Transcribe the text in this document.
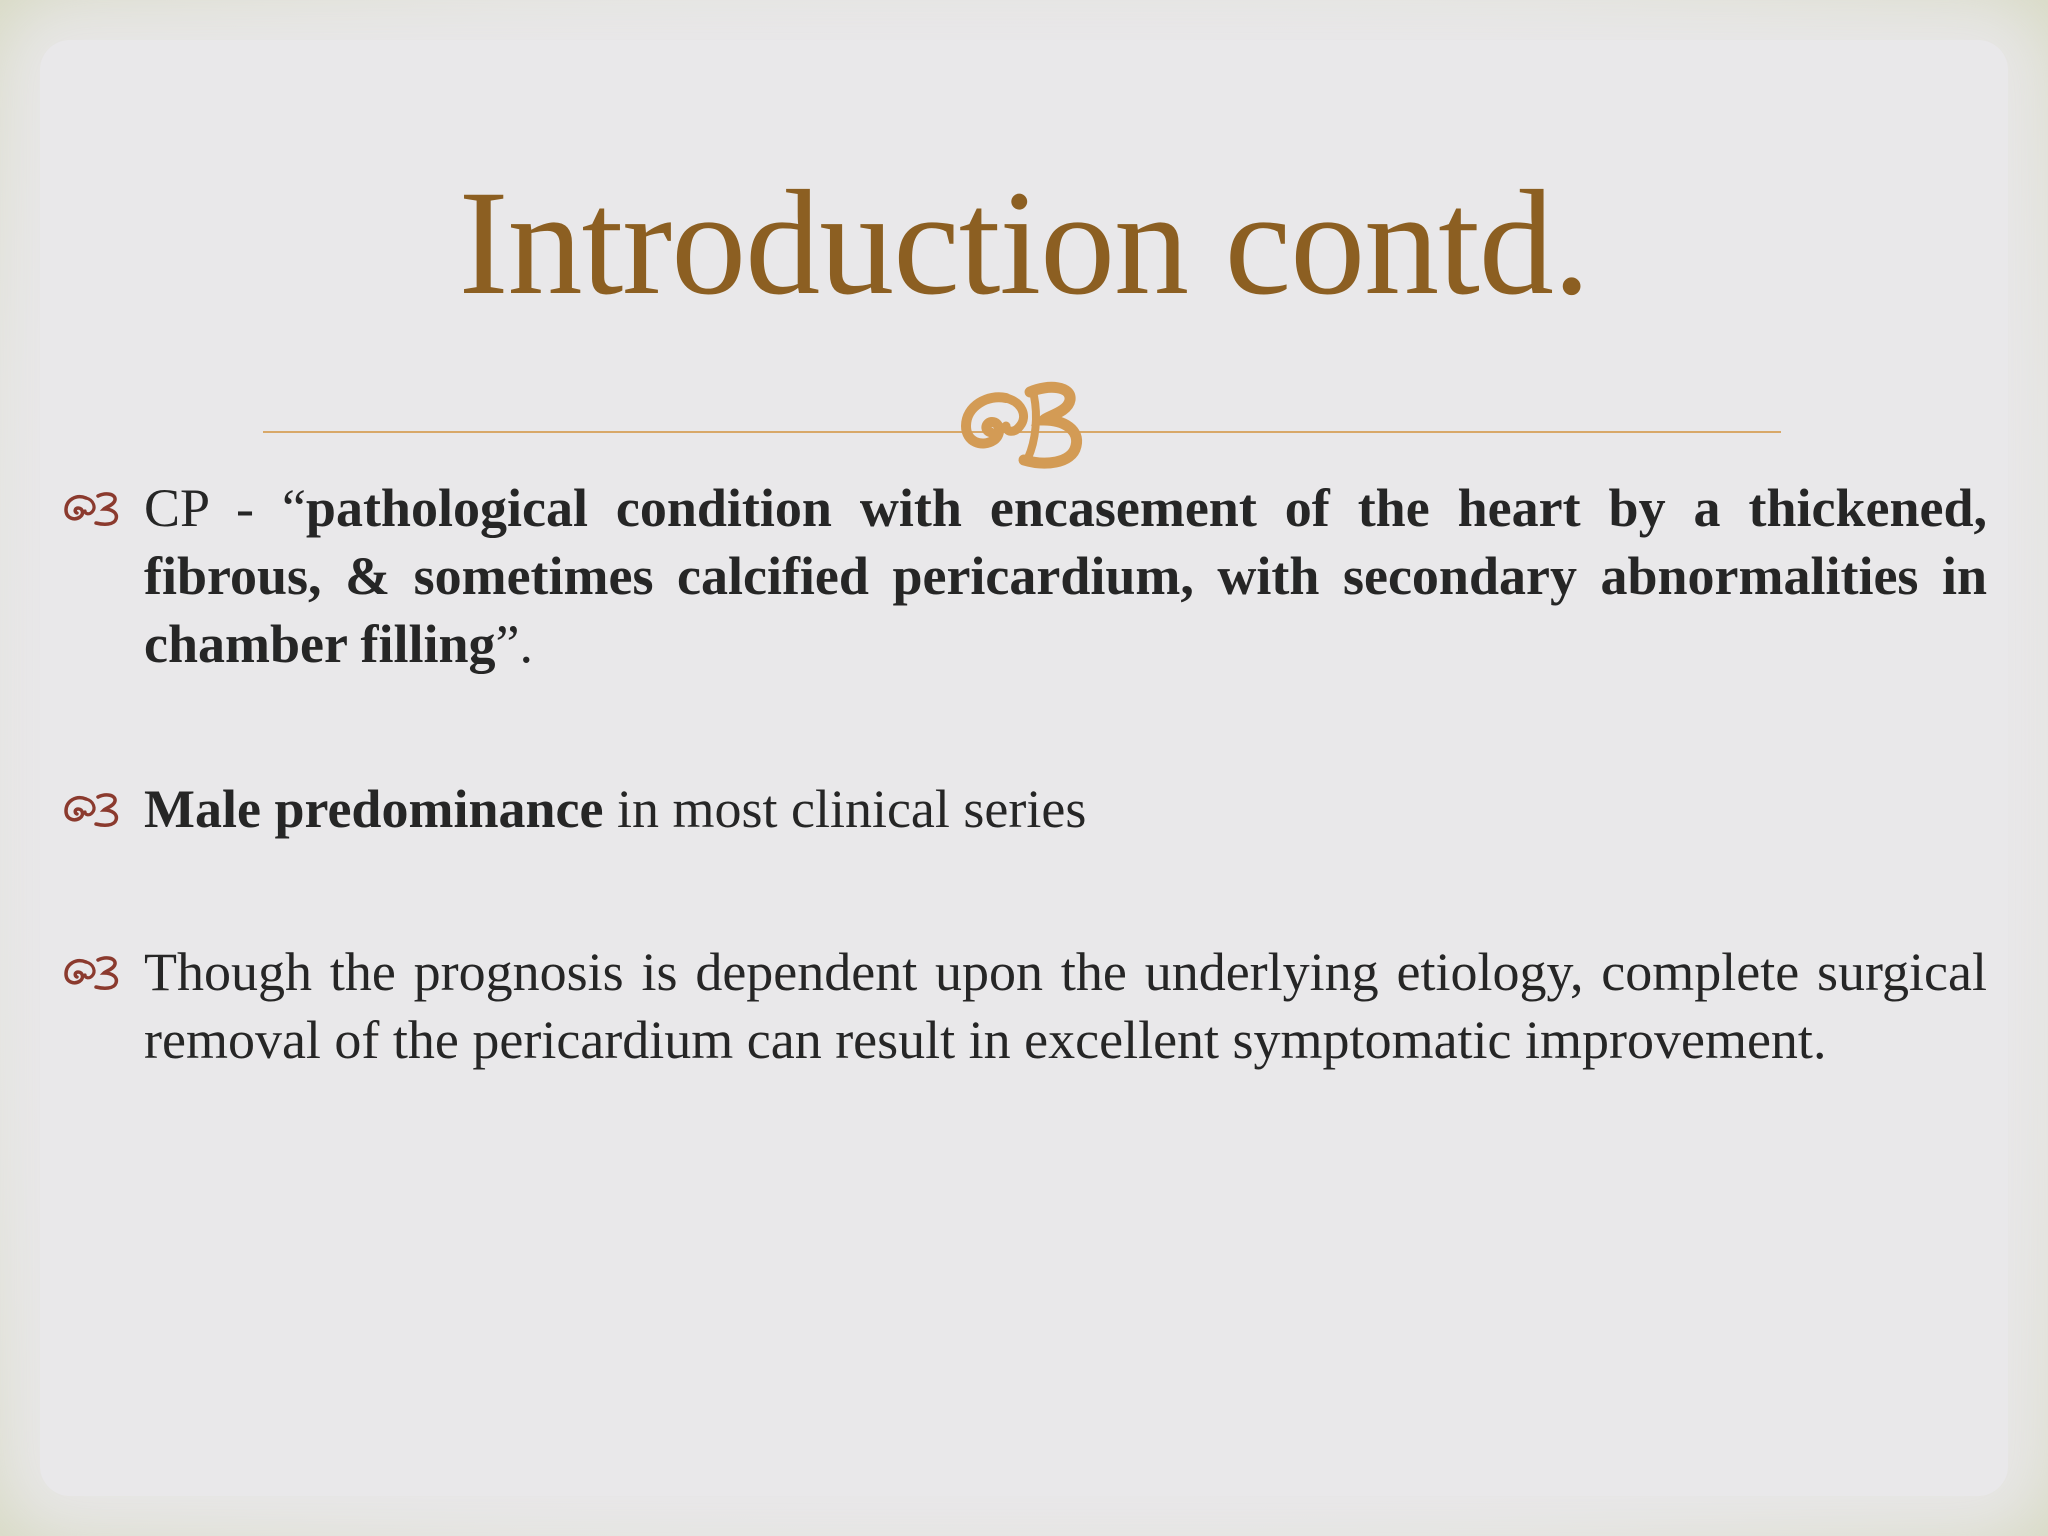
Introduction contd.
CP - “pathological condition with encasement of the heart by a thickened, fibrous, & sometimes calcified pericardium, with secondary abnormalities in chamber filling”.
Male predominance in most clinical series
Though the prognosis is dependent upon the underlying etiology, complete surgical removal of the pericardium can result in excellent symptomatic improvement.
